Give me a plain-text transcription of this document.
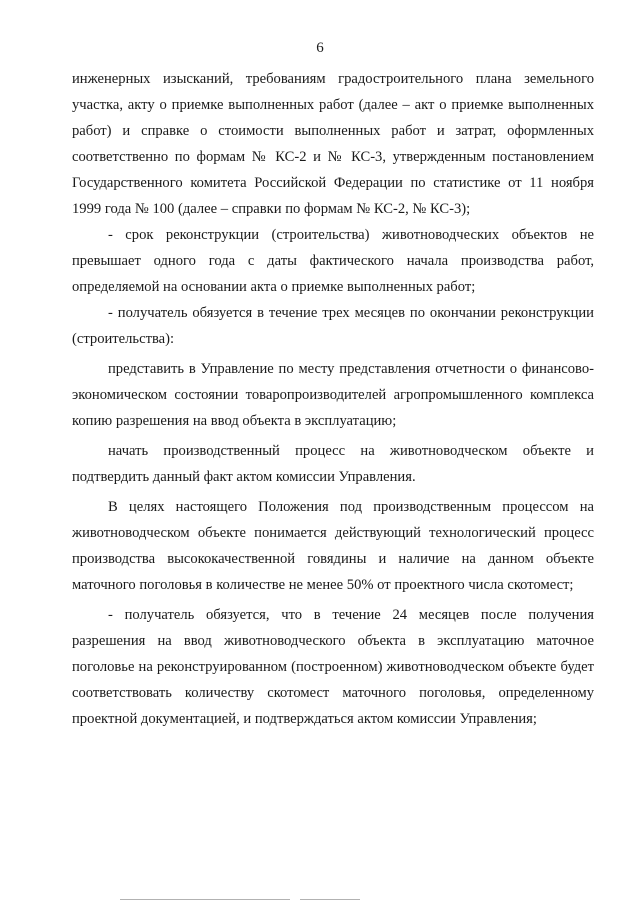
6

инженерных изысканий, требованиям градостроительного плана земельного участка, акту о приемке выполненных работ (далее – акт о приемке выполненных работ) и справке о стоимости выполненных работ и затрат, оформленных соответственно по формам № КС-2 и № КС-3, утвержденным постановлением Государственного комитета Российской Федерации по статистике от 11 ноября 1999 года № 100 (далее – справки по формам № КС-2, № КС-3);

- срок реконструкции (строительства) животноводческих объектов не превышает одного года с даты фактического начала производства работ, определяемой на основании акта о приемке выполненных работ;

- получатель обязуется в течение трех месяцев по окончании реконструкции (строительства):

представить в Управление по месту представления отчетности о финансово-экономическом состоянии товаропроизводителей агропромышленного комплекса копию разрешения на ввод объекта в эксплуатацию;

начать производственный процесс на животноводческом объекте и подтвердить данный факт актом комиссии Управления.

В целях настоящего Положения под производственным процессом на животноводческом объекте понимается действующий технологический процесс производства высококачественной говядины и наличие на данном объекте маточного поголовья в количестве не менее 50% от проектного числа скотомест;

- получатель обязуется, что в течение 24 месяцев после получения разрешения на ввод животноводческого объекта в эксплуатацию маточное поголовье на реконструированном (построенном) животноводческом объекте будет соответствовать количеству скотомест маточного поголовья, определенному проектной документацией, и подтверждаться актом комиссии Управления;
